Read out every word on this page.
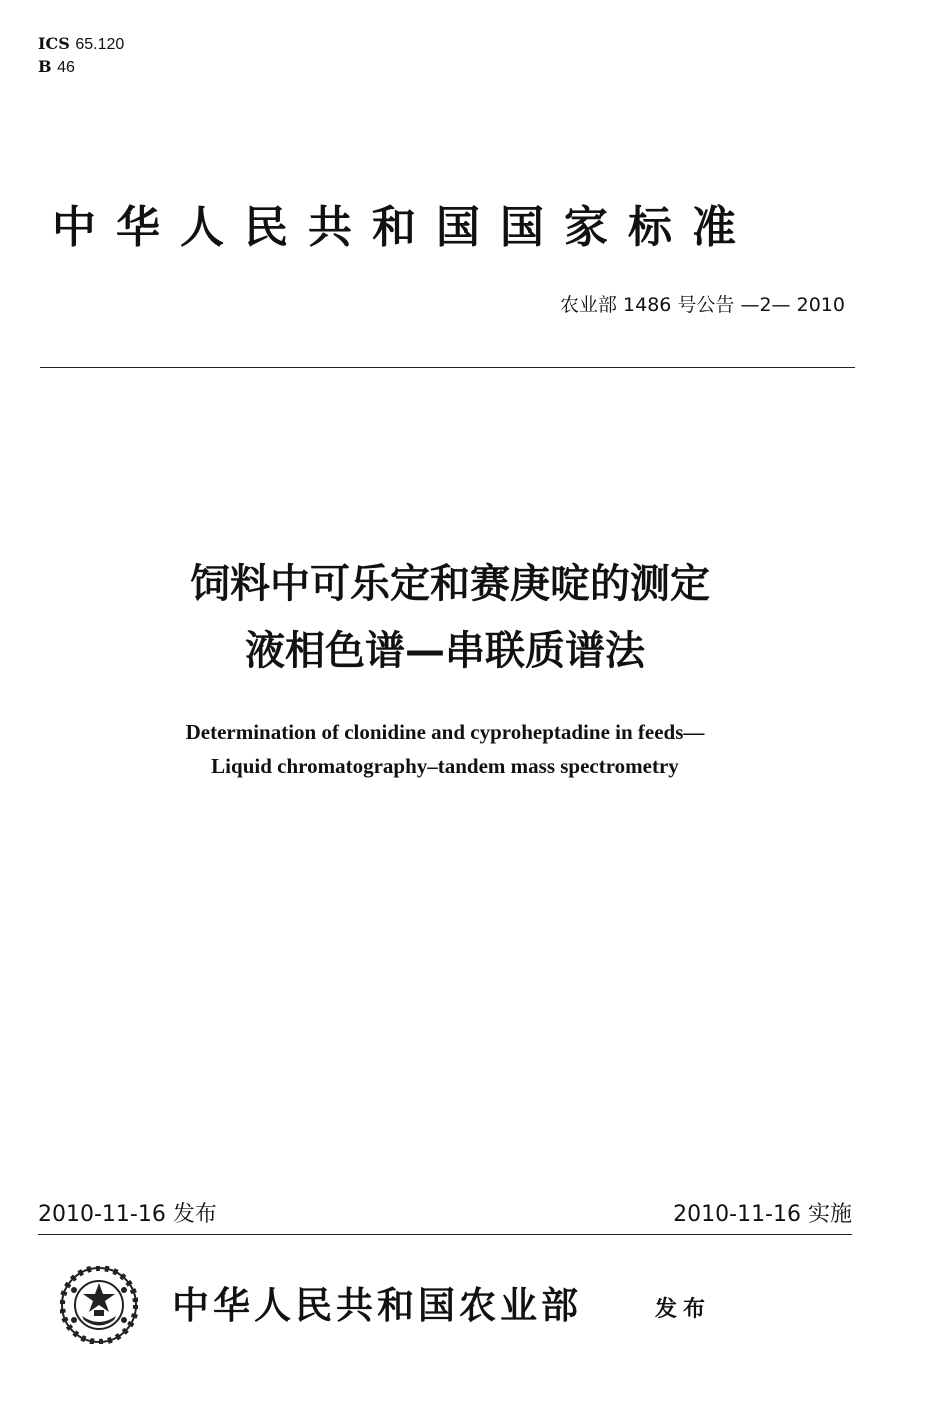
ICS 65.120
B 46
中华人民共和国国家标准
农业部 1486 号公告 —2— 2010
饲料中可乐定和赛庚啶的测定
液相色谱—串联质谱法
Determination of clonidine and cyproheptadine in feeds—
Liquid chromatography–tandem mass spectrometry
2010-11-16 发布	2010-11-16 实施
中华人民共和国农业部	发布
